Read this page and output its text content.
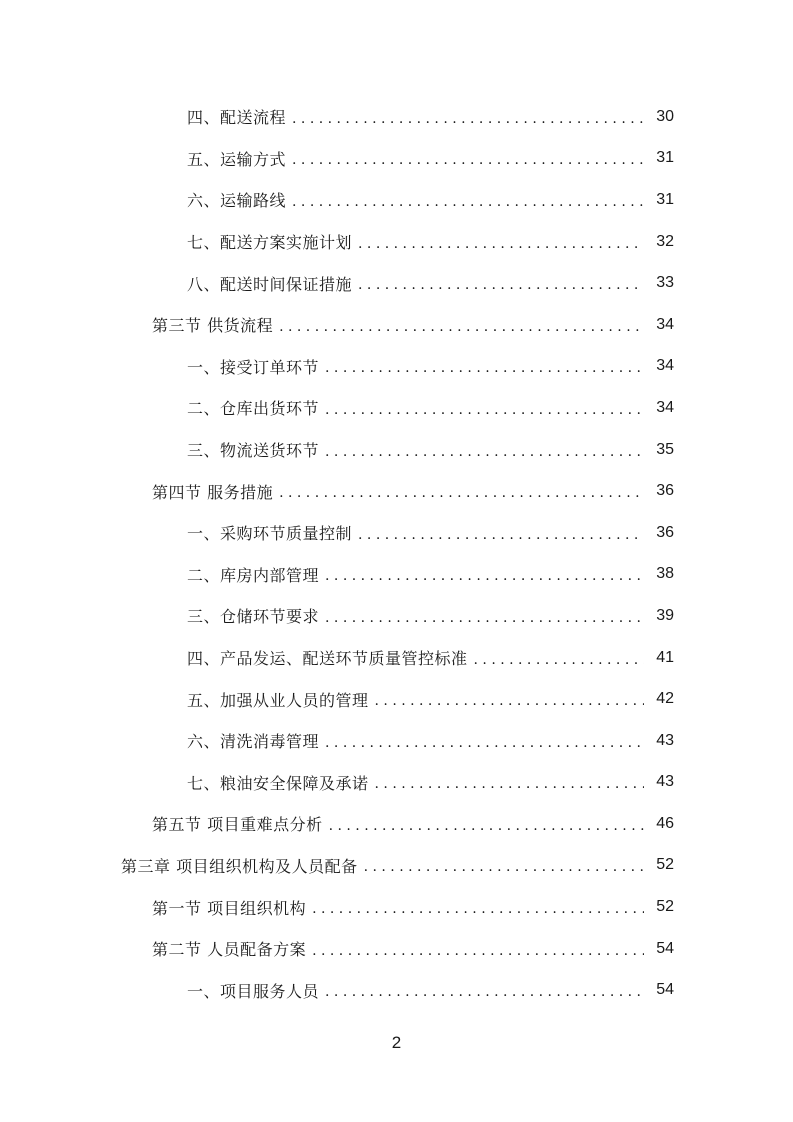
四、配送流程 . . .	30
五、运输方式 . . .	31
六、运输路线 . . .	31
七、配送方案实施计划 . . .	32
八、配送时间保证措施 . . .	33
第三节 供货流程 . . .	34
一、接受订单环节 . . .	34
二、仓库出货环节 . . .	34
三、物流送货环节 . . .	35
第四节 服务措施 . . .	36
一、采购环节质量控制 . . .	36
二、库房内部管理 . . .	38
三、仓储环节要求 . . .	39
四、产品发运、配送环节质量管控标准 . . .	41
五、加强从业人员的管理 . . .	42
六、清洗消毒管理 . . .	43
七、粮油安全保障及承诺 . . .	43
第五节 项目重难点分析 . . .	46
第三章 项目组织机构及人员配备 . . .	52
第一节 项目组织机构 . . .	52
第二节 人员配备方案 . . .	54
一、项目服务人员 . . .	54
2
